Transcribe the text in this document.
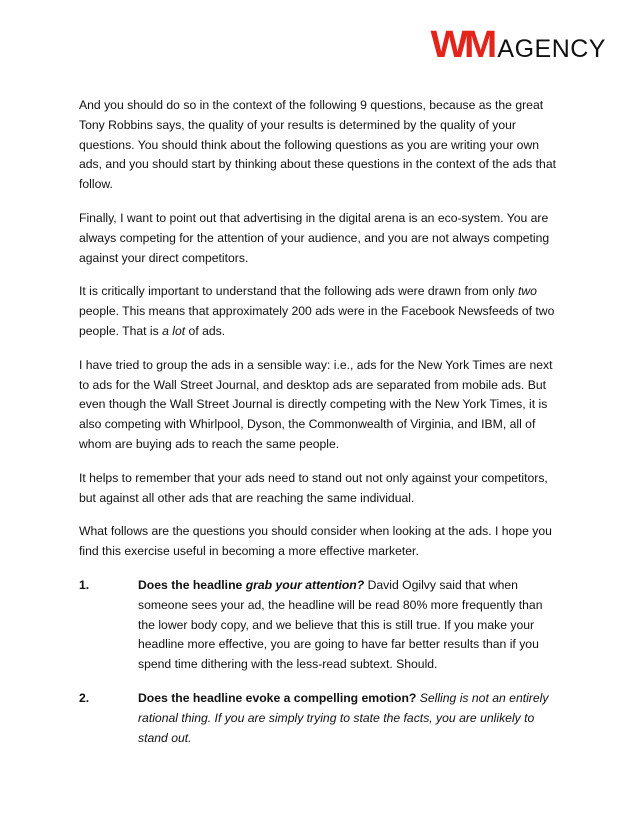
WM AGENCY

And you should do so in the context of the following 9 questions, because as the great Tony Robbins says, the quality of your results is determined by the quality of your questions. You should think about the following questions as you are writing your own ads, and you should start by thinking about these questions in the context of the ads that follow.

Finally, I want to point out that advertising in the digital arena is an eco-system. You are always competing for the attention of your audience, and you are not always competing against your direct competitors.

It is critically important to understand that the following ads were drawn from only two people. This means that approximately 200 ads were in the Facebook Newsfeeds of two people. That is a lot of ads.

I have tried to group the ads in a sensible way: i.e., ads for the New York Times are next to ads for the Wall Street Journal, and desktop ads are separated from mobile ads. But even though the Wall Street Journal is directly competing with the New York Times, it is also competing with Whirlpool, Dyson, the Commonwealth of Virginia, and IBM, all of whom are buying ads to reach the same people.

It helps to remember that your ads need to stand out not only against your competitors, but against all other ads that are reaching the same individual.

What follows are the questions you should consider when looking at the ads. I hope you find this exercise useful in becoming a more effective marketer.

1.	Does the headline grab your attention? David Ogilvy said that when someone sees your ad, the headline will be read 80% more frequently than the lower body copy, and we believe that this is still true. If you make your headline more effective, you are going to have far better results than if you spend time dithering with the less-read subtext. Should.
2.	Does the headline evoke a compelling emotion? Selling is not an entirely rational thing. If you are simply trying to state the facts, you are unlikely to stand out.
